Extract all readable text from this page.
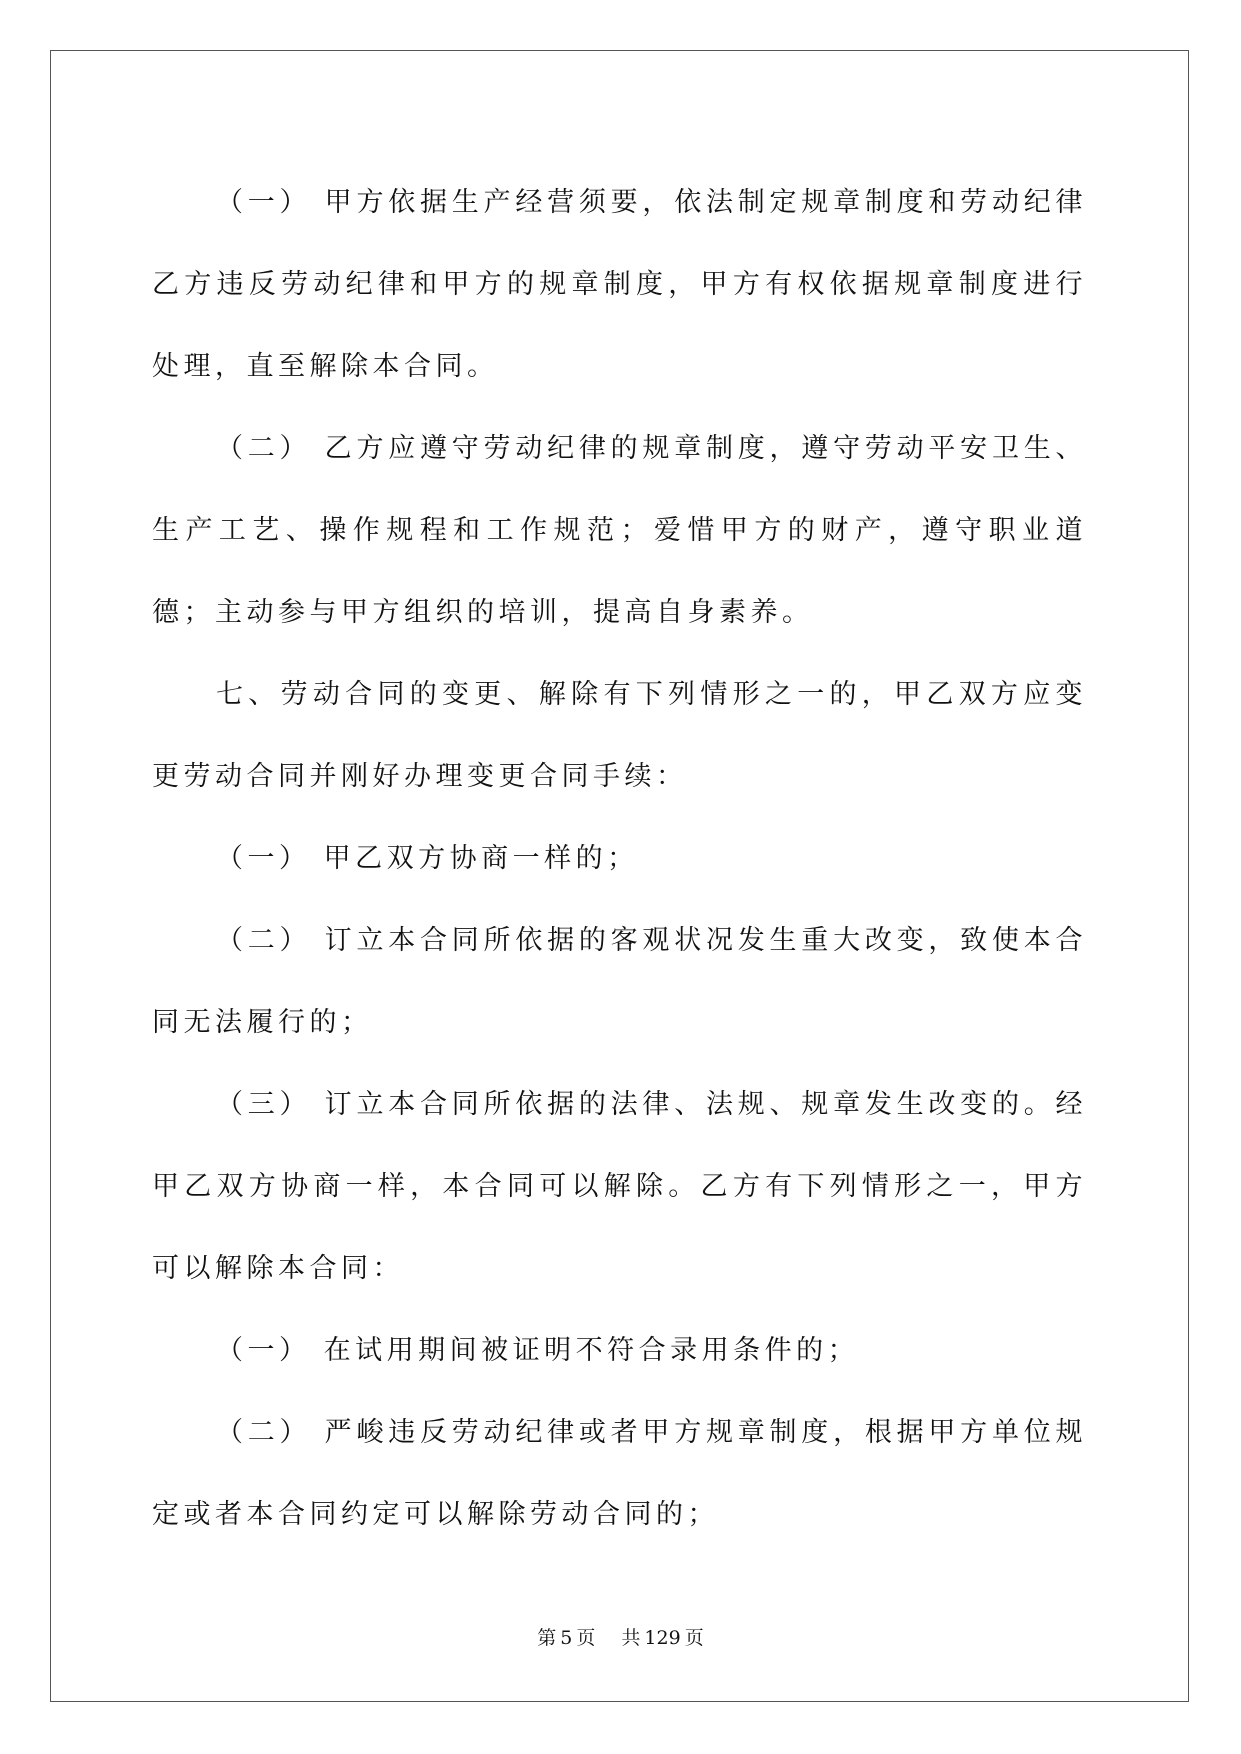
（一） 甲方依据生产经营须要，依法制定规章制度和劳动纪律乙方违反劳动纪律和甲方的规章制度，甲方有权依据规章制度进行处理，直至解除本合同。

（二） 乙方应遵守劳动纪律的规章制度，遵守劳动平安卫生、生产工艺、操作规程和工作规范；爱惜甲方的财产，遵守职业道德；主动参与甲方组织的培训，提高自身素养。

七、劳动合同的变更、解除有下列情形之一的，甲乙双方应变更劳动合同并刚好办理变更合同手续：

（一） 甲乙双方协商一样的；

（二） 订立本合同所依据的客观状况发生重大改变，致使本合同无法履行的；

（三） 订立本合同所依据的法律、法规、规章发生改变的。经甲乙双方协商一样，本合同可以解除。乙方有下列情形之一，甲方可以解除本合同：

（一） 在试用期间被证明不符合录用条件的；

（二） 严峻违反劳动纪律或者甲方规章制度，根据甲方单位规定或者本合同约定可以解除劳动合同的；

第 5 页 共 129 页
